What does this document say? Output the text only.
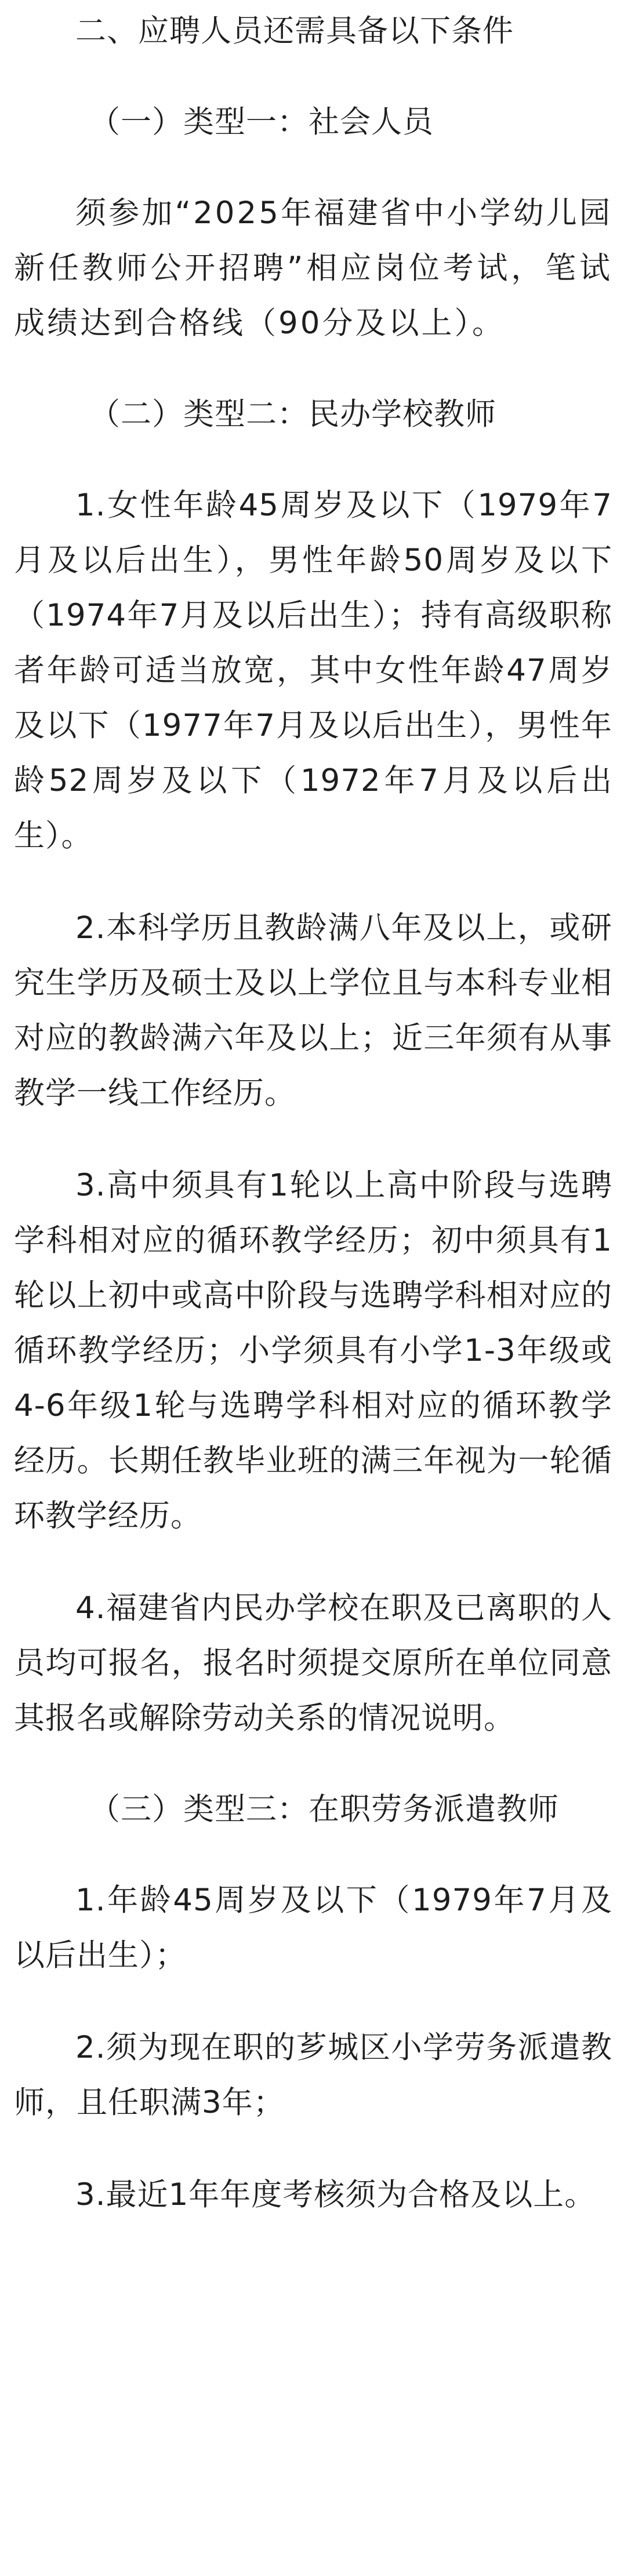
二、应聘人员还需具备以下条件

（一）类型一：社会人员

须参加“2025年福建省中小学幼儿园新任教师公开招聘”相应岗位考试，笔试成绩达到合格线（90分及以上）。

（二）类型二：民办学校教师

1.女性年龄45周岁及以下（1979年7月及以后出生），男性年龄50周岁及以下（1974年7月及以后出生）；持有高级职称者年龄可适当放宽，其中女性年龄47周岁及以下（1977年7月及以后出生），男性年龄52周岁及以下（1972年7月及以后出生）。

2.本科学历且教龄满八年及以上，或研究生学历及硕士及以上学位且与本科专业相对应的教龄满六年及以上；近三年须有从事教学一线工作经历。

3.高中须具有1轮以上高中阶段与选聘学科相对应的循环教学经历；初中须具有1轮以上初中或高中阶段与选聘学科相对应的循环教学经历；小学须具有小学1-3年级或4-6年级1轮与选聘学科相对应的循环教学经历。长期任教毕业班的满三年视为一轮循环教学经历。

4.福建省内民办学校在职及已离职的人员均可报名，报名时须提交原所在单位同意其报名或解除劳动关系的情况说明。

（三）类型三：在职劳务派遣教师

1.年龄45周岁及以下（1979年7月及以后出生）；

2.须为现在职的芗城区小学劳务派遣教师，且任职满3年；

3.最近1年年度考核须为合格及以上。
